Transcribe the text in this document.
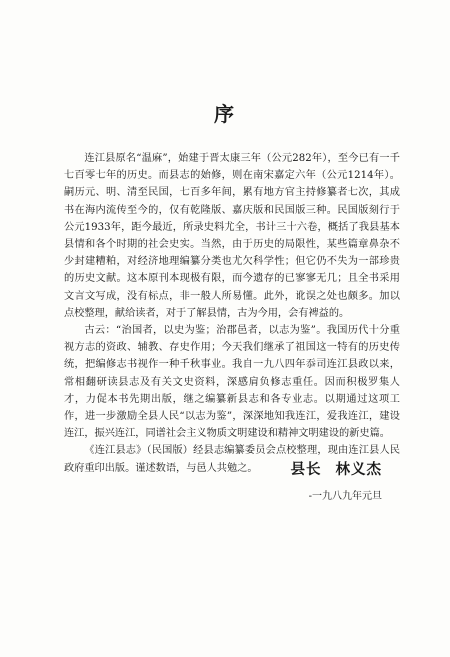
序

连江县原名“温麻”，始建于晋太康三年（公元282年），至今已有一千七百零七年的历史。而县志的始修，则在南宋嘉定六年（公元1214年）。嗣历元、明、清至民国，七百多年间，累有地方官主持修纂者七次，其成书在海内流传至今的，仅有乾隆版、嘉庆版和民国版三种。民国版刻行于公元1933年，距今最近，所录史料尤全，书计三十六卷，概括了我县基本县情和各个时期的社会史实。当然，由于历史的局限性，某些篇章鼻杂不少封建糟粕，对经济地理编纂分类也尤欠科学性；但它仍不失为一部珍贵的历史文献。这本原刊本现极有限，而今遗存的已寥寥无几；且全书采用文言文写成，没有标点，非一般人所易懂。此外，讹误之处也颇多。加以点校整理，献给读者，对于了解县情，古为今用，会有裨益的。

古云：“治国者，以史为鉴；治郡邑者，以志为鉴”。我国历代十分重视方志的资政、辅教、存史作用；今天我们继承了祖国这一特有的历史传统，把编修志书视作一种千秋事业。我自一九八四年忝司连江县政以来，常相翻研读县志及有关文史资料，深感肩负修志重任。因而积极罗集人才，力促本书先期出版，继之编纂新县志和各专业志。以期通过这项工作，进一步激励全县人民“以志为鉴”，深深地知我连江，爱我连江，建设连江，振兴连江，同谱社会主义物质文明建设和精神文明建设的新史篇。

《连江县志》（民国版）经县志编纂委员会点校整理，现由连江县人民政府重印出版。谨述数语，与邑人共勉之。	县长 林义杰
-一九八九年元旦
